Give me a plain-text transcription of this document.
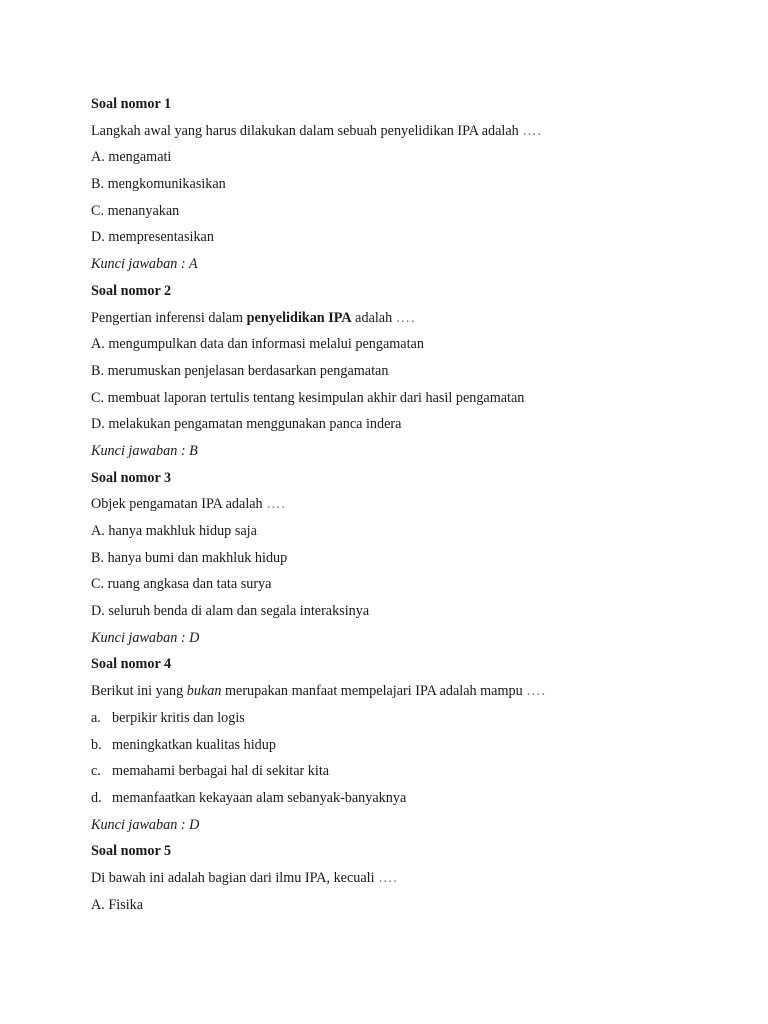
Soal nomor 1
Langkah awal yang harus dilakukan dalam sebuah penyelidikan IPA adalah ….
A. mengamati
B. mengkomunikasikan
C. menanyakan
D. mempresentasikan
Kunci jawaban : A
Soal nomor 2
Pengertian inferensi dalam penyelidikan IPA adalah ….
A. mengumpulkan data dan informasi melalui pengamatan
B. merumuskan penjelasan berdasarkan pengamatan
C. membuat laporan tertulis tentang kesimpulan akhir dari hasil pengamatan
D. melakukan pengamatan menggunakan panca indera
Kunci jawaban : B
Soal nomor 3
Objek pengamatan IPA adalah ….
A. hanya makhluk hidup saja
B. hanya bumi dan makhluk hidup
C. ruang angkasa dan tata surya
D. seluruh benda di alam dan segala interaksinya
Kunci jawaban : D
Soal nomor 4
Berikut ini yang bukan merupakan manfaat mempelajari IPA adalah mampu ….
a. berpikir kritis dan logis
b. meningkatkan kualitas hidup
c. memahami berbagai hal di sekitar kita
d. memanfaatkan kekayaan alam sebanyak-banyaknya
Kunci jawaban : D
Soal nomor 5
Di bawah ini adalah bagian dari ilmu IPA, kecuali ….
A. Fisika
